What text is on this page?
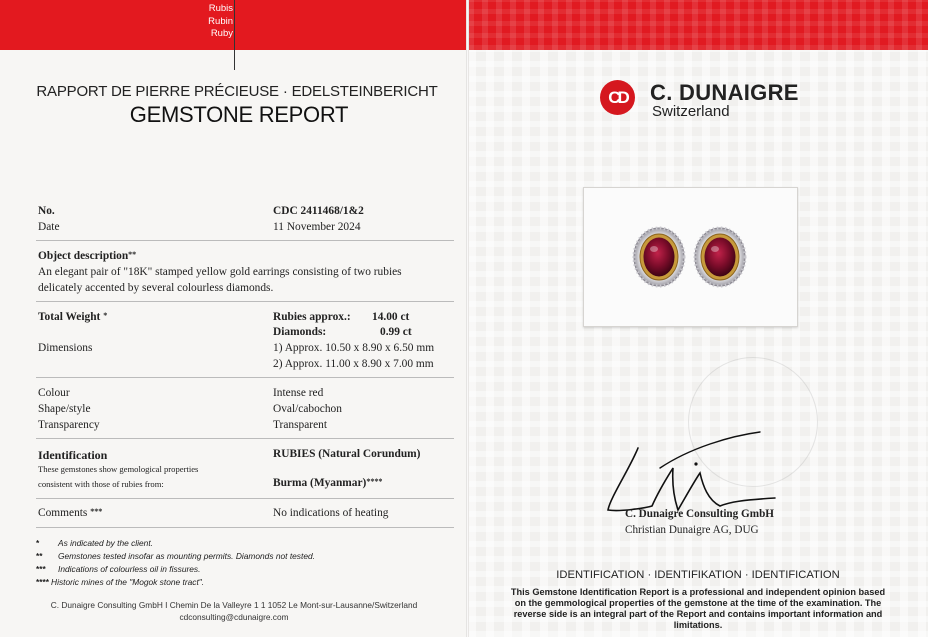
Rubis
Rubin
Ruby
RAPPORT DE PIERRE PRÉCIEUSE · EDELSTEINBERICHT
GEMSTONE REPORT
No.	CDC 2411468/1&2
Date	11 November 2024
Object description**
An elegant pair of "18K" stamped yellow gold earrings consisting of two rubies
delicately accented by several colourless diamonds.
Total Weight *	Rubies approx.: 14.00 ct
Diamonds:	0.99 ct
Dimensions	1) Approx. 10.50 x 8.90 x 6.50 mm
2) Approx. 11.00 x 8.90 x 7.00 mm
Colour	Intense red
Shape/style	Oval/cabochon
Transparency	Transparent
Identification	RUBIES (Natural Corundum)
These gemstones show gemological properties
consistent with those of rubies from:	Burma (Myanmar)****
Comments ***	No indications of heating
* As indicated by the client.
** Gemstones tested insofar as mounting permits. Diamonds not tested.
*** Indications of colourless oil in fissures.
**** Historic mines of the "Mogok stone tract".
C. Dunaigre Consulting GmbH I Chemin De la Valleyre 1 1 1052 Le Mont-sur-Lausanne/Switzerland
cdconsulting@cdunaigre.com
CD	C. DUNAIGRE
Switzerland
C. Dunaigre Consulting GmbH
Christian Dunaigre AG, DUG
IDENTIFICATION · IDENTIFIKATION · IDENTIFICATION
This Gemstone Identification Report is a professional and independent opinion based on the gemmological properties of the gemstone at the time of the examination. The reverse side is an integral part of the Report and contains important information and limitations.
